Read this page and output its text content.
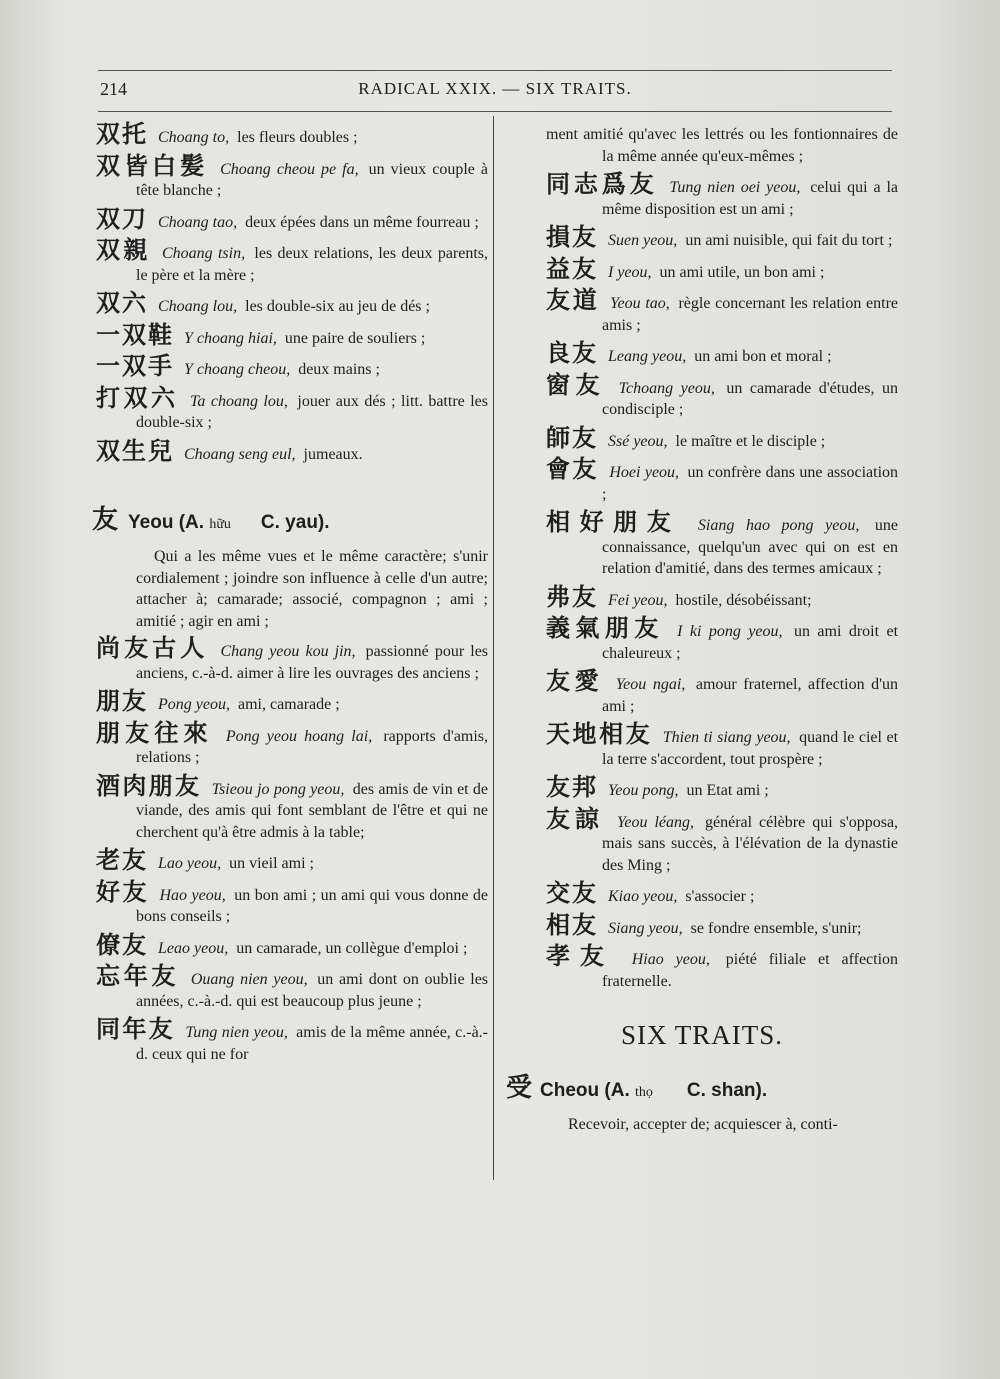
214	RADICAL XXIX. — SIX TRAITS.

双托 Choang to, les fleurs doubles ;

双皆白髪 Choang cheou pe fa, un vieux couple à tête blanche ;

双刀 Choang tao, deux épées dans un même fourreau ;

双親 Choang tsin, les deux relations, les deux parents, le père et la mère ;

双六 Choang lou, les double-six au jeu de dés ;

一双鞋 Y choang hiai, une paire de souliers ;

一双手 Y choang cheou, deux mains ;

打双六 Ta choang lou, jouer aux dés ; litt. battre les double-six ;

双生兒 Choang seng eul, jumeaux.

友 Yeou (A. hữu C. yau).

Qui a les même vues et le même caractère; s'unir cordialement ; joindre son influence à celle d'un autre; attacher à; camarade; associé, compagnon ; ami ; amitié ; agir en ami ;

尚友古人 Chang yeou kou jin, passionné pour les anciens, c.-à-d. aimer à lire les ouvrages des anciens ;

朋友 Pong yeou, ami, camarade ;

朋友往來 Pong yeou hoang lai, rapports d'amis, relations ;

酒肉朋友 Tsieou jo pong yeou, des amis de vin et de viande, des amis qui font semblant de l'être et qui ne cherchent qu'à être admis à la table;

老友 Lao yeou, un vieil ami ;

好友 Hao yeou, un bon ami ; un ami qui vous donne de bons conseils ;

僚友 Leao yeou, un camarade, un collègue d'emploi ;

忘年友 Ouang nien yeou, un ami dont on oublie les années, c.-à.-d. qui est beaucoup plus jeune ;

同年友 Tung nien yeou, amis de la même année, c.-à.-d. ceux qui ne for

ment amitié qu'avec les lettrés ou les fontionnaires de la même année qu'eux-mêmes ;

同志爲友 Tung nien oei yeou, celui qui a la même disposition est un ami ;

損友 Suen yeou, un ami nuisible, qui fait du tort ;

益友 I yeou, un ami utile, un bon ami ;

友道 Yeou tao, règle concernant les relation entre amis ;

良友 Leang yeou, un ami bon et moral ;

窗友 Tchoang yeou, un camarade d'études, un condisciple ;

師友 Ssé yeou, le maître et le disciple ;

會友 Hoei yeou, un confrère dans une association ;

相好朋友 Siang hao pong yeou, une connaissance, quelqu'un avec qui on est en relation d'amitié, dans des termes amicaux ;

弗友 Fei yeou, hostile, désobéissant;

義氣朋友 I ki pong yeou, un ami droit et chaleureux ;

友愛 Yeou ngai, amour fraternel, affection d'un ami ;

天地相友 Thien ti siang yeou, quand le ciel et la terre s'accordent, tout prospère ;

友邦 Yeou pong, un Etat ami ;

友諒 Yeou léang, général célèbre qui s'opposa, mais sans succès, à l'élévation de la dynastie des Ming ;

交友 Kiao yeou, s'associer ;

相友 Siang yeou, se fondre ensemble, s'unir;

孝友 Hiao yeou, piété filiale et affection fraternelle.

SIX TRAITS.
受 Cheou (A. thọ C. shan).

Recevoir, accepter de; acquiescer à, conti-
